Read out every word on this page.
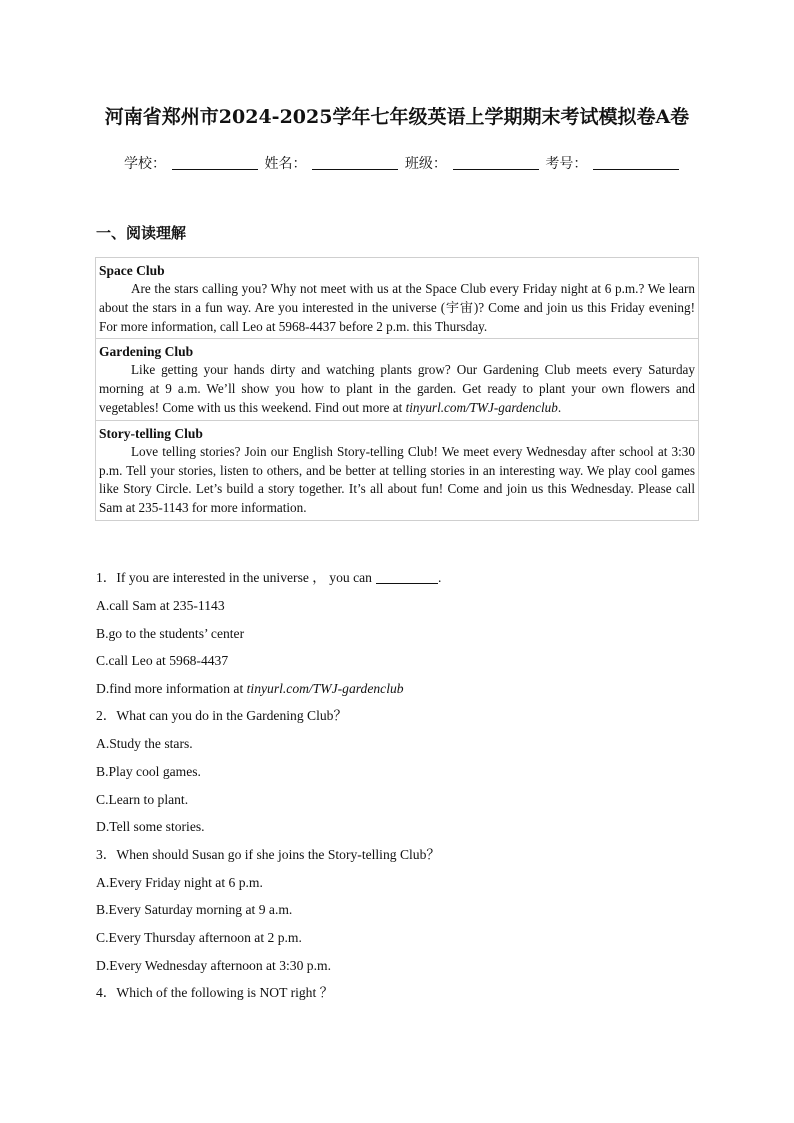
河南省郑州市2024-2025学年七年级英语上学期期末考试模拟卷A卷
学校：	姓名：	班级：	考号：
一、阅读理解
Space Club
Are the stars calling you? Why not meet with us at the Space Club every Friday night at 6 p.m.? We learn about the stars in a fun way. Are you interested in the universe (宇宙)? Come and join us this Friday evening! For more information, call Leo at 5968-4437 before 2 p.m. this Thursday.
Gardening Club
Like getting your hands dirty and watching plants grow? Our Gardening Club meets every Saturday morning at 9 a.m. We’ll show you how to plant in the garden. Get ready to plant your own flowers and vegetables! Come with us this weekend. Find out more at tinyurl.com/TWJ-gardenclub.
Story-telling Club
Love telling stories? Join our English Story-telling Club! We meet every Wednesday after school at 3:30 p.m. Tell your stories, listen to others, and be better at telling stories in an interesting way. We play cool games like Story Circle. Let’s build a story together. It’s all about fun! Come and join us this Wednesday. Please call Sam at 235-1143 for more information.
1．If you are interested in the universe ， you can	.
A.call Sam at 235-1143
B.go to the students’ center
C.call Leo at 5968-4437
D.find more information at tinyurl.com/TWJ-gardenclub
2．What can you do in the Gardening Club？
A.Study the stars.
B.Play cool games.
C.Learn to plant.
D.Tell some stories.
3．When should Susan go if she joins the Story-telling Club？
A.Every Friday night at 6 p.m.
B.Every Saturday morning at 9 a.m.
C.Every Thursday afternoon at 2 p.m.
D.Every Wednesday afternoon at 3:30 p.m.
4．Which of the following is NOT right ？
